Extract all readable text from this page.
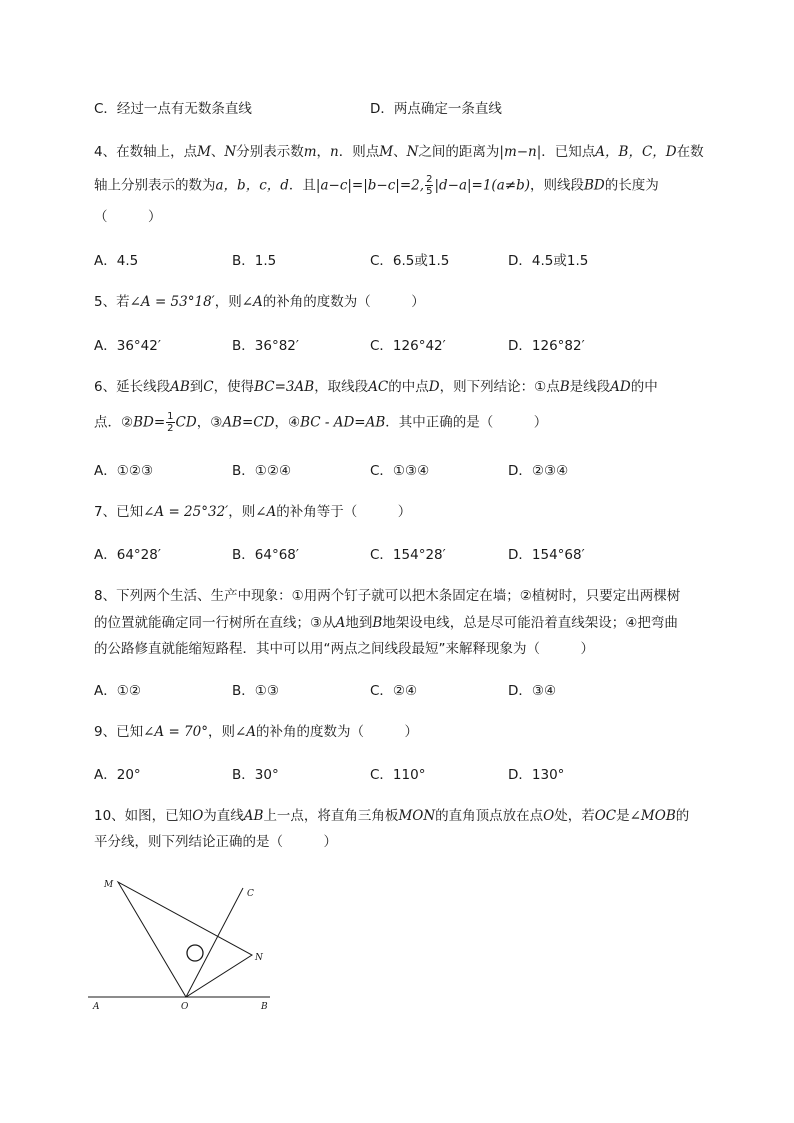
C．经过一点有无数条直线	D．两点确定一条直线
4、在数轴上，点M、N分别表示数m，n．则点M、N之间的距离为|m−n|．已知点A，B，C，D在数
轴上分别表示的数为a，b，c，d．且|a−c|=|b−c|=2, $\frac{2}{5} |d-a|=1(a\ne b)$，则线段BD的长度为
（　　　）
A．4.5	B．1.5	C．6.5或1.5	D．4.5或1.5
5、若∠A = 53°18′，则∠A的补角的度数为（　　　）
A．36°42′	B．36°82′	C．126°42′	D．126°82′
6、延长线段AB到C，使得BC=3AB，取线段AC的中点D，则下列结论：①点B是线段AD的中
点．②BD= $\frac{1}{2}$ CD，③AB=CD，④BC - AD=AB．其中正确的是（　　　）
A．①②③	B．①②④	C．①③④	D．②③④
7、已知∠A = 25°32′，则∠A的补角等于（　　　）
A．64°28′	B．64°68′	C．154°28′	D．154°68′
8、下列两个生活、生产中现象：①用两个钉子就可以把木条固定在墙；②植树时，只要定出两棵树
的位置就能确定同一行树所在直线；③从A地到B地架设电线，总是尽可能沿着直线架设；④把弯曲
的公路修直就能缩短路程．其中可以用“两点之间线段最短”来解释现象为（　　　）
A．①②	B．①③	C．②④	D．③④
9、已知∠A = 70°，则∠A的补角的度数为（　　　）
A．20°	B．30°	C．110°	D．130°
10、如图，已知O为直线AB上一点，将直角三角板MON的直角顶点放在点O处，若OC是∠MOB的
平分线，则下列结论正确的是（　　　）
M
C
N
A	O	B
